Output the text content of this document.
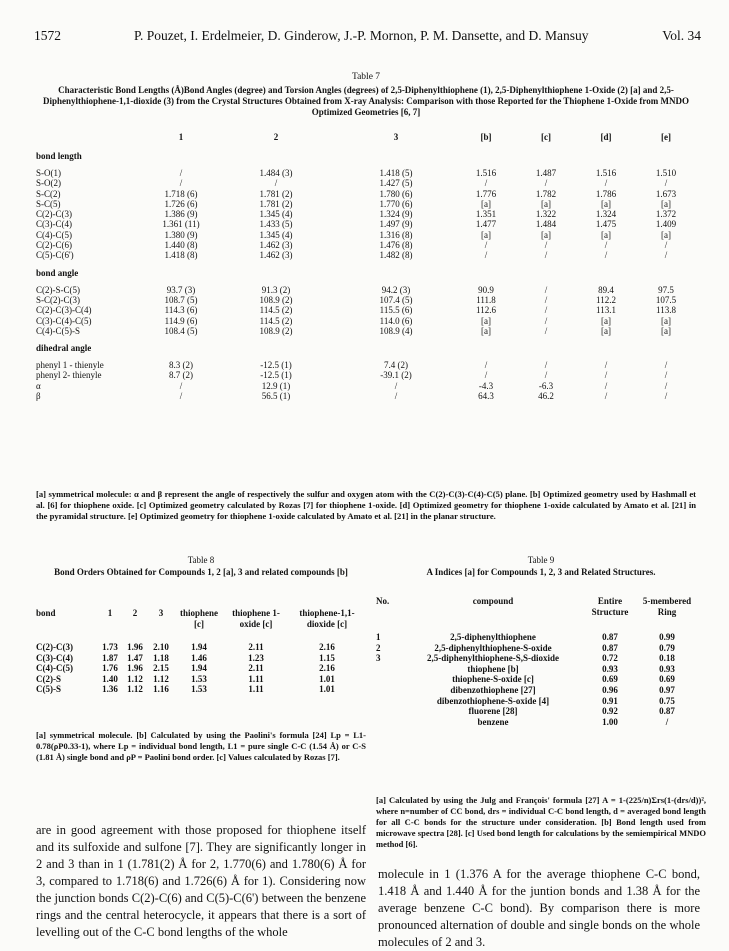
1572	P. Pouzet, I. Erdelmeier, D. Ginderow, J.-P. Mornon, P. M. Dansette, and D. Mansuy	Vol. 34
Table 7
Characteristic Bond Lengths (Å)Bond Angles (degree) and Torsion Angles (degrees) of 2,5-Diphenylthiophene (1), 2,5-Diphenylthiophene 1-Oxide (2) [a] and 2,5-Diphenylthiophene-1,1-dioxide (3) from the Crystal Structures Obtained from X-ray Analysis: Comparison with those Reported for the Thiophene 1-Oxide from MNDO Optimized Geometries [6, 7]
	1	2	3	[b]	[c]	[d]	[e]
bond length							
S-O(1)	/	1.484 (3)	1.418 (5)	1.516	1.487	1.516	1.510
S-O(2)	/	/	1.427 (5)	/	/	/	/
S-C(2)	1.718 (6)	1.781 (2)	1.780 (6)	1.776	1.782	1.786	1.673
S-C(5)	1.726 (6)	1.781 (2)	1.770 (6)	[a]	[a]	[a]	[a]
C(2)-C(3)	1.386 (9)	1.345 (4)	1.324 (9)	1.351	1.322	1.324	1.372
C(3)-C(4)	1.361 (11)	1.433 (5)	1.497 (9)	1.477	1.484	1.475	1.409
C(4)-C(5)	1.380 (9)	1.345 (4)	1.316 (8)	[a]	[a]	[a]	[a]
C(2)-C(6)	1.440 (8)	1.462 (3)	1.476 (8)	/	/	/	/
C(5)-C(6')	1.418 (8)	1.462 (3)	1.482 (8)	/	/	/	/
bond angle							
C(2)-S-C(5)	93.7 (3)	91.3 (2)	94.2 (3)	90.9	/	89.4	97.5
S-C(2)-C(3)	108.7 (5)	108.9 (2)	107.4 (5)	111.8	/	112.2	107.5
C(2)-C(3)-C(4)	114.3 (6)	114.5 (2)	115.5 (6)	112.6	/	113.1	113.8
C(3)-C(4)-C(5)	114.9 (6)	114.5 (2)	114.0 (6)	[a]	/	[a]	[a]
C(4)-C(5)-S	108.4 (5)	108.9 (2)	108.9 (4)	[a]	/	[a]	[a]
dihedral angle							
phenyl 1 - thienyle	8.3 (2)	-12.5 (1)	7.4 (2)	/	/	/	/
phenyl 2- thienyle	8.7 (2)	-12.5 (1)	-39.1 (2)	/	/	/	/
α	/	12.9 (1)	/	-4.3	-6.3	/	/
β	/	56.5 (1)	/	64.3	46.2	/	/
[a] symmetrical molecule: α and β represent the angle of respectively the sulfur and oxygen atom with the C(2)-C(3)-C(4)-C(5) plane. [b] Optimized geometry used by Hashmall et al. [6] for thiophene oxide. [c] Optimized geometry calculated by Rozas [7] for thiophene 1-oxide. [d] Optimized geometry for thiophene 1-oxide calculated by Amato et al. [21] in the pyramidal structure. [e] Optimized geometry for thiophene 1-oxide calculated by Amato et al. [21] in the planar structure.
Table 8
Bond Orders Obtained for Compounds 1, 2 [a], 3 and related compounds [b]
bond	1	2	3	thiophene [c]	thiophene 1-oxide [c]	thiophene-1,1-dioxide [c]
C(2)-C(3)	1.73	1.96	2.10	1.94	2.11	2.16
C(3)-C(4)	1.87	1.47	1.18	1.46	1.23	1.15
C(4)-C(5)	1.76	1.96	2.15	1.94	2.11	2.16
C(2)-S	1.40	1.12	1.12	1.53	1.11	1.01
C(5)-S	1.36	1.12	1.16	1.53	1.11	1.01
[a] symmetrical molecule. [b] Calculated by using the Paolini's formula [24] Lp = L1-0.78(ρP0.33-1), where Lp = individual bond length, L1 = pure single C-C (1.54 Å) or C-S (1.81 Å) single bond and ρP = Paolini bond order. [c] Values calculated by Rozas [7].
Table 9
A Indices [a] for Compounds 1, 2, 3 and Related Structures.
No.	compound	Entire Structure	5-membered Ring
1	2,5-diphenylthiophene	0.87	0.99
2	2,5-diphenylthiophene-S-oxide	0.87	0.79
3	2,5-diphenylthiophene-S,S-dioxide	0.72	0.18
	thiophene [b]	0.93	0.93
	thiophene-S-oxide [c]	0.69	0.69
	dibenzothiophene [27]	0.96	0.97
	dibenzothiophene-S-oxide [4]	0.91	0.75
	fluorene [28]	0.92	0.87
	benzene	1.00	/
[a] Calculated by using the Julg and François' formula [27] A = 1-(225/n)Σrs(1-(drs/d))², where n=number of CC bond, drs = individual C-C bond length, d = averaged bond length for all C-C bonds for the structure under consideration. [b] Bond length used from microwave spectra [28]. [c] Used bond length for calculations by the semiempirical MNDO method [6].
are in good agreement with those proposed for thiophene itself and its sulfoxide and sulfone [7]. They are significantly longer in 2 and 3 than in 1 (1.781(2) Å for 2, 1.770(6) and 1.780(6) Å for 3, compared to 1.718(6) and 1.726(6) Å for 1). Considering now the junction bonds C(2)-C(6) and C(5)-C(6') between the benzene rings and the central heterocycle, it appears that there is a sort of levelling out of the C-C bond lengths of the whole
molecule in 1 (1.376 A for the average thiophene C-C bond, 1.418 Å and 1.440 Å for the juntion bonds and 1.38 Å for the average benzene C-C bond). By comparison there is more pronounced alternation of double and single bonds on the whole molecules of 2 and 3.
